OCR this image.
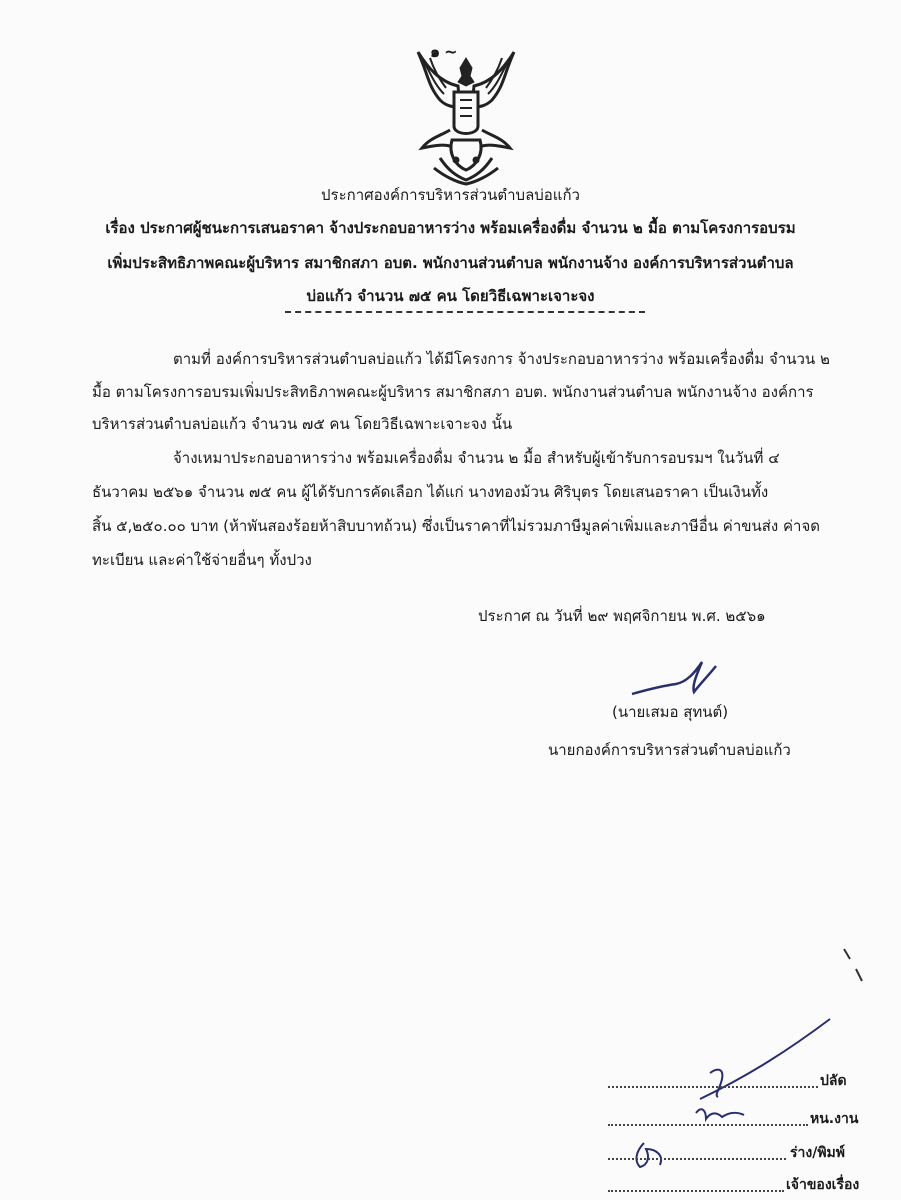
๑~
ประกาศองค์การบริหารส่วนตำบลบ่อแก้ว
เรื่อง ประกาศผู้ชนะการเสนอราคา จ้างประกอบอาหารว่าง พร้อมเครื่องดื่ม จำนวน ๒ มื้อ ตามโครงการอบรม
เพิ่มประสิทธิภาพคณะผู้บริหาร สมาชิกสภา อบต. พนักงานส่วนตำบล พนักงานจ้าง องค์การบริหารส่วนตำบล
บ่อแก้ว จำนวน ๗๕ คน โดยวิธีเฉพาะเจาะจง
ตามที่ องค์การบริหารส่วนตำบลบ่อแก้ว ได้มีโครงการ จ้างประกอบอาหารว่าง พร้อมเครื่องดื่ม จำนวน ๒
มื้อ ตามโครงการอบรมเพิ่มประสิทธิภาพคณะผู้บริหาร สมาชิกสภา อบต. พนักงานส่วนตำบล พนักงานจ้าง องค์การ
บริหารส่วนตำบลบ่อแก้ว จำนวน ๗๕ คน โดยวิธีเฉพาะเจาะจง นั้น
จ้างเหมาประกอบอาหารว่าง พร้อมเครื่องดื่ม จำนวน ๒ มื้อ สำหรับผู้เข้ารับการอบรมฯ ในวันที่ ๔
ธันวาคม ๒๕๖๑ จำนวน ๗๕ คน ผู้ได้รับการคัดเลือก ได้แก่ นางทองม้วน ศิริบุตร โดยเสนอราคา เป็นเงินทั้ง
สิ้น ๕,๒๕๐.๐๐ บาท (ห้าพันสองร้อยห้าสิบบาทถ้วน) ซึ่งเป็นราคาที่ไม่รวมภาษีมูลค่าเพิ่มและภาษีอื่น ค่าขนส่ง ค่าจด
ทะเบียน และค่าใช้จ่ายอื่นๆ ทั้งปวง
ประกาศ ณ วันที่ ๒๙ พฤศจิกายน พ.ศ. ๒๕๖๑
(นายเสมอ สุทนต์)
นายกองค์การบริหารส่วนตำบลบ่อแก้ว
ปลัด
หน.งาน
ร่าง/พิมพ์
เจ้าของเรื่อง
